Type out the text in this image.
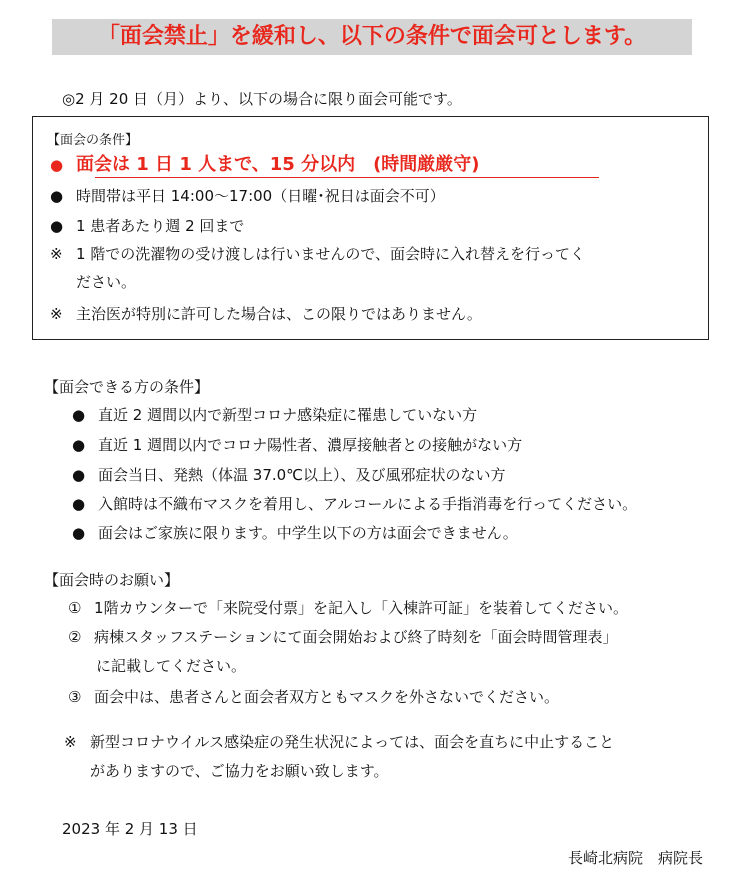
「面会禁止」を緩和し、以下の条件で面会可とします。
◎2 月 20 日（月）より、以下の場合に限り面会可能です。
【面会の条件】
● 面会は 1 日 1 人まで、15 分以内　(時間厳厳守)
● 時間帯は平日 14:00〜17:00（日曜･祝日は面会不可）
● 1 患者あたり週 2 回まで
※ 1 階での洗濯物の受け渡しは行いませんので、面会時に入れ替えを行ってく
ださい。
※ 主治医が特別に許可した場合は、この限りではありません。
【面会できる方の条件】
● 直近 2 週間以内で新型コロナ感染症に罹患していない方
● 直近 1 週間以内でコロナ陽性者、濃厚接触者との接触がない方
● 面会当日、発熱（体温 37.0℃以上）、及び風邪症状のない方
● 入館時は不織布マスクを着用し、アルコールによる手指消毒を行ってください。
● 面会はご家族に限ります。中学生以下の方は面会できません。
【面会時のお願い】
① 1階カウンターで「来院受付票」を記入し「入棟許可証」を装着してください。
② 病棟スタッフステーションにて面会開始および終了時刻を「面会時間管理表」
に記載してください。
③ 面会中は、患者さんと面会者双方ともマスクを外さないでください。
※ 新型コロナウイルス感染症の発生状況によっては、面会を直ちに中止すること
がありますので、ご協力をお願い致します。
2023 年 2 月 13 日
長崎北病院　病院長
